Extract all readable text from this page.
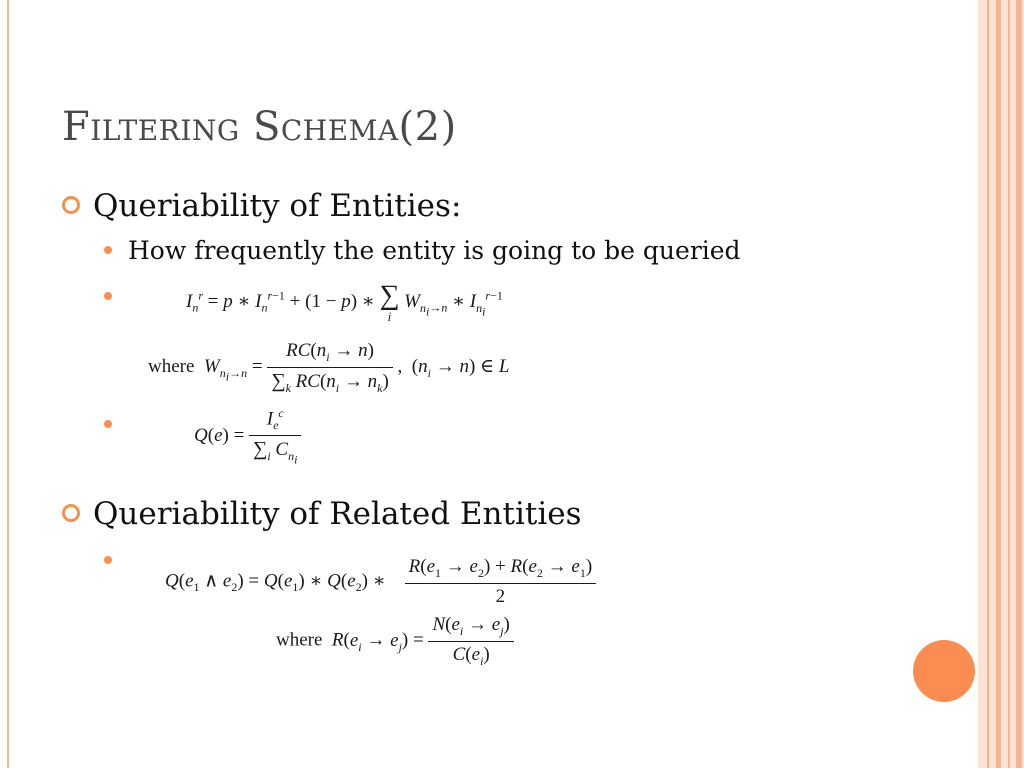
Filtering Schema(2)
Queriability of Entities:
How frequently the entity is going to be queried
$I_n^r = p$ ∗ $I_n^{r-1} + (1 - p)$ ∗ ∑
i
$W_{n_i\to n}$ ∗ $I_{n_i}^{r-1}$
where $W_{n_i\to n} = \frac{RC(n_i \to n)}{\sum_k RC(n_i \to n_k)}$ ,  $(n_i \to n)$ ∈ L
$Q(e) = \frac{I_e^c}{\sum_i C_{n_i}}$
Queriability of Related Entities
$Q(e_1$ ∧ $e_2) = Q(e_1)$ ∗ $Q(e_2)$ ∗ $\frac{R(e_1 \to e_2) + R(e_2 \to e_1)}{2}$
where $R(e_i \to e_j) = \frac{N(e_i \to e_j)}{C(e_i)}$
